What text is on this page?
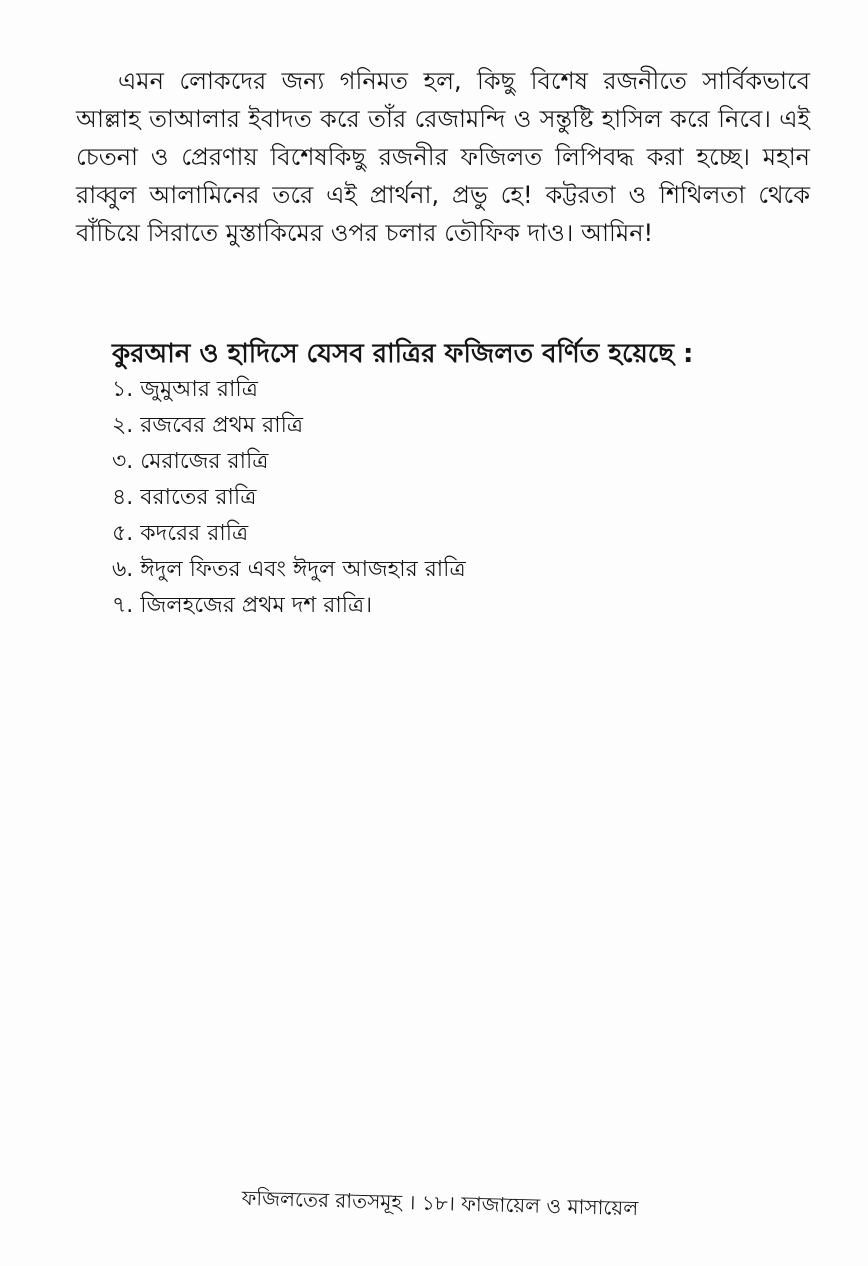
এমন লোকদের জন্য গনিমত হল, কিছু বিশেষ রজনীতে সার্বিকভাবে আল্লাহ তাআলার ইবাদত করে তাঁর রেজামন্দি ও সন্তুষ্টি হাসিল করে নিবে। এই চেতনা ও প্রেরণায় বিশেষকিছু রজনীর ফজিলত লিপিবদ্ধ করা হচ্ছে। মহান রাব্বুল আলামিনের তরে এই প্রার্থনা, প্রভু হে! কট্টরতা ও শিথিলতা থেকে বাঁচিয়ে সিরাতে মুস্তাকিমের ওপর চলার তৌফিক দাও। আমিন!

কুরআন ও হাদিসে যেসব রাত্রির ফজিলত বর্ণিত হয়েছে :
১. জুমুআর রাত্রি
২. রজবের প্রথম রাত্রি
৩. মেরাজের রাত্রি
৪. বরাতের রাত্রি
৫. কদরের রাত্রি
৬. ঈদুল ফিতর এবং ঈদুল আজহার রাত্রি
৭. জিলহজের প্রথম দশ রাত্রি।
ফজিলতের রাতসমূহ । ১৮। ফাজায়েল ও মাসায়েল
